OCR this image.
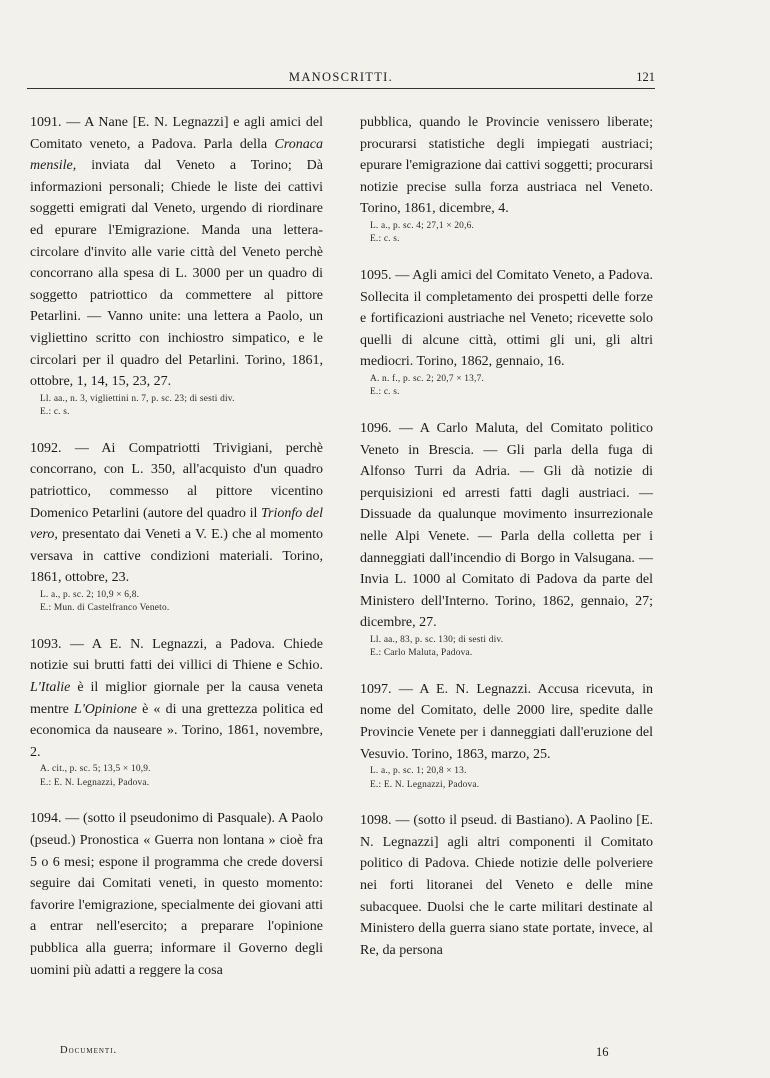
MANOSCRITTI.	121

1091. — A Nane [E. N. Legnazzi] e agli amici del Comitato veneto, a Padova. Parla della Cronaca mensile, inviata dal Veneto a Torino; Dà informazioni personali; Chiede le liste dei cattivi soggetti emigrati dal Veneto, urgendo di riordinare ed epurare l'Emigrazione. Manda una lettera-circolare d'invito alle varie città del Veneto perchè concorrano alla spesa di L. 3000 per un quadro di soggetto patriottico da commettere al pittore Petarlini. — Vanno unite: una lettera a Paolo, un vigliettino scritto con inchiostro simpatico, e le circolari per il quadro del Petarlini. Torino, 1861, ottobre, 1, 14, 15, 23, 27.

Ll. aa., n. 3, vigliettini n. 7, p. sc. 23; di sesti div.

E.: c. s.

1092. — Ai Compatriotti Trivigiani, perchè concorrano, con L. 350, all'acquisto d'un quadro patriottico, commesso al pittore vicentino Domenico Petarlini (autore del quadro il Trionfo del vero, presentato dai Veneti a V. E.) che al momento versava in cattive condizioni materiali. Torino, 1861, ottobre, 23.

L. a., p. sc. 2; 10,9 × 6,8.

E.: Mun. di Castelfranco Veneto.

1093. — A E. N. Legnazzi, a Padova. Chiede notizie sui brutti fatti dei villici di Thiene e Schio. L'Italie è il miglior giornale per la causa veneta mentre L'Opinione è « di una grettezza politica ed economica da nauseare ». Torino, 1861, novembre, 2.

A. cit., p. sc. 5; 13,5 × 10,9.

E.: E. N. Legnazzi, Padova.

1094. — (sotto il pseudonimo di Pasquale). A Paolo (pseud.) Pronostica « Guerra non lontana » cioè fra 5 o 6 mesi; espone il programma che crede doversi seguire dai Comitati veneti, in questo momento: favorire l'emigrazione, specialmente dei giovani atti a entrar nell'esercito; a preparare l'opinione pubblica alla guerra; informare il Governo degli uomini più adatti a reggere la cosa

pubblica, quando le Provincie venissero liberate; procurarsi statistiche degli impiegati austriaci; epurare l'emigrazione dai cattivi soggetti; procurarsi notizie precise sulla forza austriaca nel Veneto. Torino, 1861, dicembre, 4.

L. a., p. sc. 4; 27,1 × 20,6.

E.: c. s.

1095. — Agli amici del Comitato Veneto, a Padova. Sollecita il completamento dei prospetti delle forze e fortificazioni austriache nel Veneto; ricevette solo quelli di alcune città, ottimi gli uni, gli altri mediocri. Torino, 1862, gennaio, 16.

A. n. f., p. sc. 2; 20,7 × 13,7.

E.: c. s.

1096. — A Carlo Maluta, del Comitato politico Veneto in Brescia. — Gli parla della fuga di Alfonso Turri da Adria. — Gli dà notizie di perquisizioni ed arresti fatti dagli austriaci. — Dissuade da qualunque movimento insurrezionale nelle Alpi Venete. — Parla della colletta per i danneggiati dall'incendio di Borgo in Valsugana. — Invia L. 1000 al Comitato di Padova da parte del Ministero dell'Interno. Torino, 1862, gennaio, 27; dicembre, 27.

Ll. aa., 83, p. sc. 130; di sesti div.

E.: Carlo Maluta, Padova.

1097. — A E. N. Legnazzi. Accusa ricevuta, in nome del Comitato, delle 2000 lire, spedite dalle Provincie Venete per i danneggiati dall'eruzione del Vesuvio. Torino, 1863, marzo, 25.

L. a., p. sc. 1; 20,8 × 13.

E.: E. N. Legnazzi, Padova.

1098. — (sotto il pseud. di Bastiano). A Paolino [E. N. Legnazzi] agli altri componenti il Comitato politico di Padova. Chiede notizie delle polveriere nei forti litoranei del Veneto e delle mine subacquee. Duolsi che le carte militari destinate al Ministero della guerra siano state portate, invece, al Re, da persona

Documenti.	16
